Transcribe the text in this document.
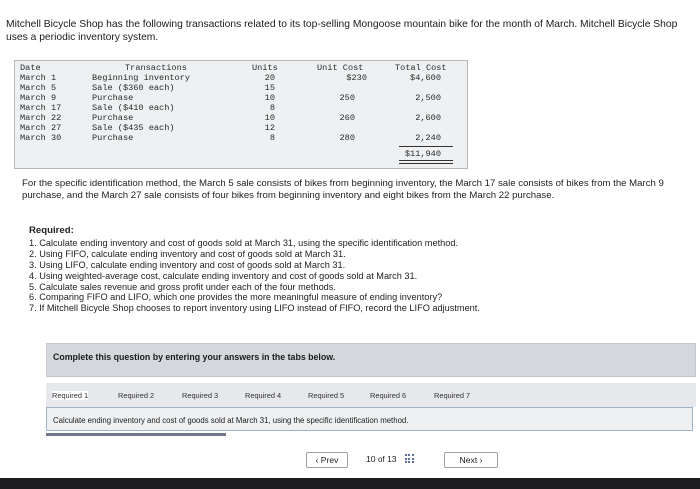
Mitchell Bicycle Shop has the following transactions related to its top-selling Mongoose mountain bike for the month of March. Mitchell Bicycle Shop uses a periodic inventory system.
Date	Transactions	Units	Unit Cost	Total Cost
March 1	Beginning inventory	20	$230	$4,600
March 5	Sale ($360 each)	15
March 9	Purchase	10	250	2,500
March 17	Sale ($410 each)	8
March 22	Purchase	10	260	2,600
March 27	Sale ($435 each)	12
March 30	Purchase	8	280	2,240
$11,940
For the specific identification method, the March 5 sale consists of bikes from beginning inventory, the March 17 sale consists of bikes from the March 9 purchase, and the March 27 sale consists of four bikes from beginning inventory and eight bikes from the March 22 purchase.
Required:
1. Calculate ending inventory and cost of goods sold at March 31, using the specific identification method.
2. Using FIFO, calculate ending inventory and cost of goods sold at March 31.
3. Using LIFO, calculate ending inventory and cost of goods sold at March 31.
4. Using weighted-average cost, calculate ending inventory and cost of goods sold at March 31.
5. Calculate sales revenue and gross profit under each of the four methods.
6. Comparing FIFO and LIFO, which one provides the more meaningful measure of ending inventory?
7. If Mitchell Bicycle Shop chooses to report inventory using LIFO instead of FIFO, record the LIFO adjustment.
Complete this question by entering your answers in the tabs below.
Required 1	Required 2	Required 3	Required 4	Required 5	Required 6	Required 7
Calculate ending inventory and cost of goods sold at March 31, using the specific identification method.
‹ Prev	10 of 13	Next ›
